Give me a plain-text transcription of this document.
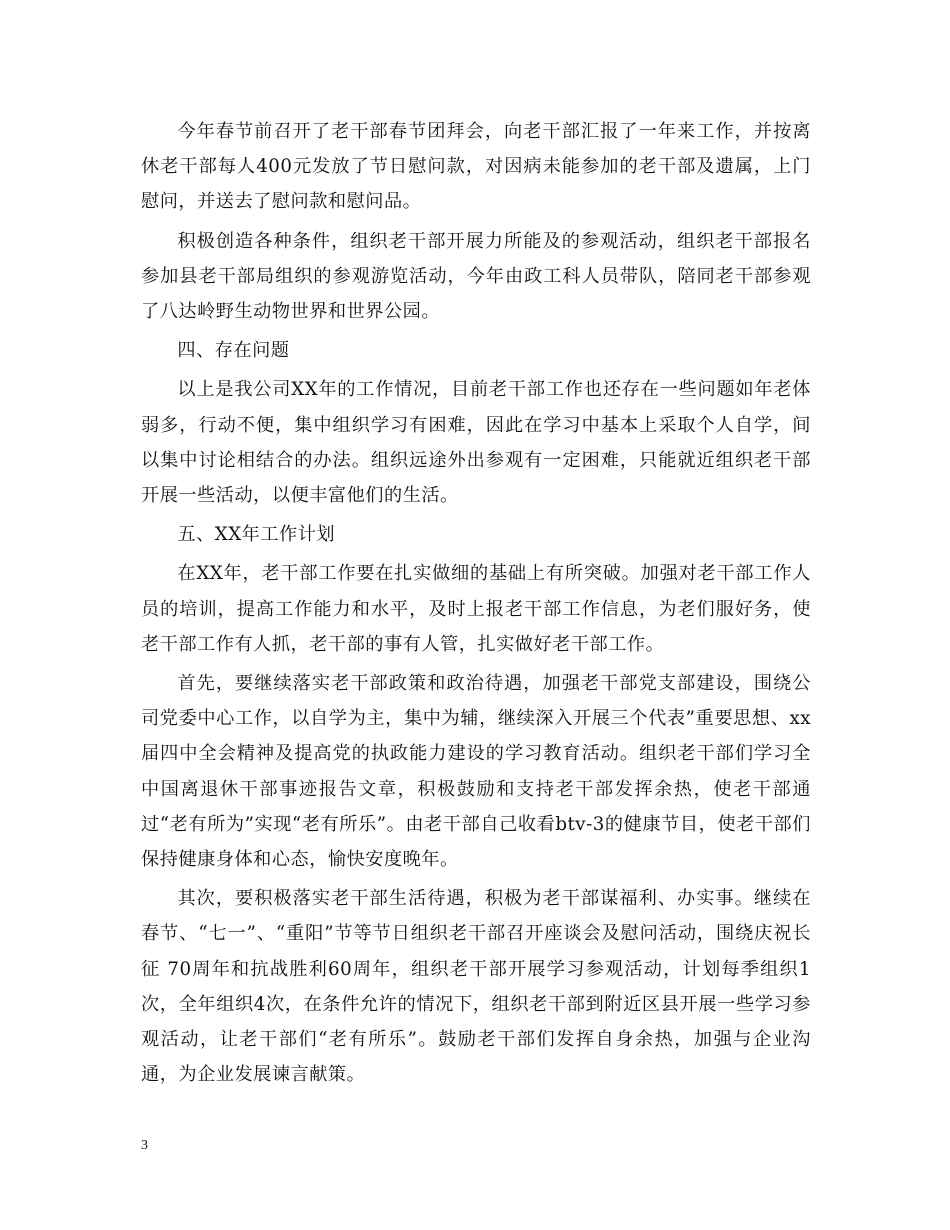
今年春节前召开了老干部春节团拜会，向老干部汇报了一年来工作，并按离休老干部每人400元发放了节日慰问款，对因病未能参加的老干部及遗属，上门慰问，并送去了慰问款和慰问品。

积极创造各种条件，组织老干部开展力所能及的参观活动，组织老干部报名参加县老干部局组织的参观游览活动，今年由政工科人员带队，陪同老干部参观了八达岭野生动物世界和世界公园。

四、存在问题

以上是我公司XX年的工作情况，目前老干部工作也还存在一些问题如年老体弱多，行动不便，集中组织学习有困难，因此在学习中基本上采取个人自学，间以集中讨论相结合的办法。组织远途外出参观有一定困难，只能就近组织老干部开展一些活动，以便丰富他们的生活。

五、XX年工作计划

在XX年，老干部工作要在扎实做细的基础上有所突破。加强对老干部工作人员的培训，提高工作能力和水平，及时上报老干部工作信息，为老们服好务，使老干部工作有人抓，老干部的事有人管，扎实做好老干部工作。

首先，要继续落实老干部政策和政治待遇，加强老干部党支部建设，围绕公司党委中心工作，以自学为主，集中为辅，继续深入开展三个代表”重要思想、xx届四中全会精神及提高党的执政能力建设的学习教育活动。组织老干部们学习全中国离退休干部事迹报告文章，积极鼓励和支持老干部发挥余热，使老干部通过“老有所为”实现“老有所乐”。由老干部自己收看btv-3的健康节目，使老干部们保持健康身体和心态，愉快安度晚年。

其次，要积极落实老干部生活待遇，积极为老干部谋福利、办实事。继续在春节、“七一”、“重阳”节等节日组织老干部召开座谈会及慰问活动，围绕庆祝长征 70周年和抗战胜利60周年，组织老干部开展学习参观活动，计划每季组织1次，全年组织4次，在条件允许的情况下，组织老干部到附近区县开展一些学习参观活动，让老干部们“老有所乐”。鼓励老干部们发挥自身余热，加强与企业沟通，为企业发展谏言献策。

3
